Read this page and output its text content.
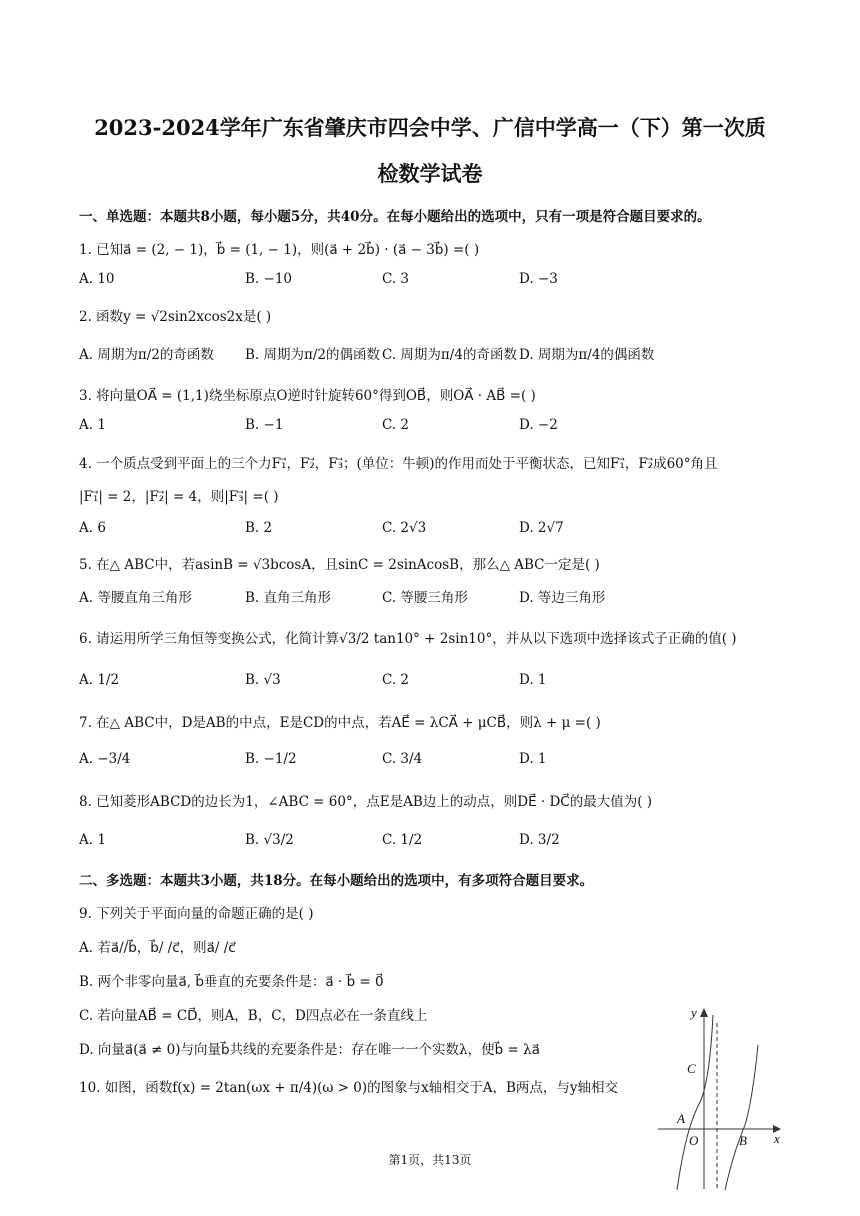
2023-2024学年广东省肇庆市四会中学、广信中学高一（下）第一次质
检数学试卷
一、单选题：本题共8小题，每小题5分，共40分。在每小题给出的选项中，只有一项是符合题目要求的。
1. 已知a⃗ = (2, − 1)，b⃗ = (1, − 1)，则(a⃗ + 2b⃗) · (a⃗ − 3b⃗) =( )
A. 10	B. −10	C. 3	D. −3
2. 函数y = √2sin2xcos2x是( )
A. 周期为π/2的奇函数 B. 周期为π/2的偶函数 C. 周期为π/4的奇函数 D. 周期为π/4的偶函数
3. 将向量OA⃗ = (1,1)绕坐标原点O逆时针旋转60°得到OB⃗，则OA⃗ · AB⃗ =( )
A. 1	B. −1	C. 2	D. −2
4. 一个质点受到平面上的三个力F₁⃗，F₂⃗，F₃⃗；(单位：牛顿)的作用而处于平衡状态，已知F₁⃗，F₂⃗成60°角且
|F₁⃗| = 2，|F₂⃗| = 4，则|F₃⃗| =( )
A. 6	B. 2	C. 2√3	D. 2√7
5. 在△ ABC中，若asinB = √3bcosA，且sinC = 2sinAcosB，那么△ ABC一定是( )
A. 等腰直角三角形	B. 直角三角形	C. 等腰三角形	D. 等边三角形
6. 请运用所学三角恒等变换公式，化简计算√3/2 tan10° + 2sin10°，并从以下选项中选择该式子正确的值( )
A. 1/2	B. √3	C. 2	D. 1
7. 在△ ABC中，D是AB的中点，E是CD的中点，若AE⃗ = λCA⃗ + μCB⃗，则λ + μ =( )
A. −3/4	B. −1/2	C. 3/4	D. 1
8. 已知菱形ABCD的边长为1，∠ABC = 60°，点E是AB边上的动点，则DE⃗ · DC⃗的最大值为( )
A. 1	B. √3/2	C. 1/2	D. 3/2
二、多选题：本题共3小题，共18分。在每小题给出的选项中，有多项符合题目要求。
9. 下列关于平面向量的命题正确的是( )
A. 若a⃗//b⃗，b⃗/ /c⃗，则a⃗/ /c⃗
B. 两个非零向量a⃗, b⃗垂直的充要条件是：a⃗ · b⃗ = 0⃗
C. 若向量AB⃗ = CD⃗，则A，B，C，D四点必在一条直线上
D. 向量a⃗(a⃗ ≠ 0)与向量b⃗共线的充要条件是：存在唯一一个实数λ，使b⃗ = λa⃗
10. 如图，函数f(x) = 2tan(ωx + π/4)(ω > 0)的图象与x轴相交于A，B两点，与y轴相交
y
x
C
A
O	B
第1页，共13页
